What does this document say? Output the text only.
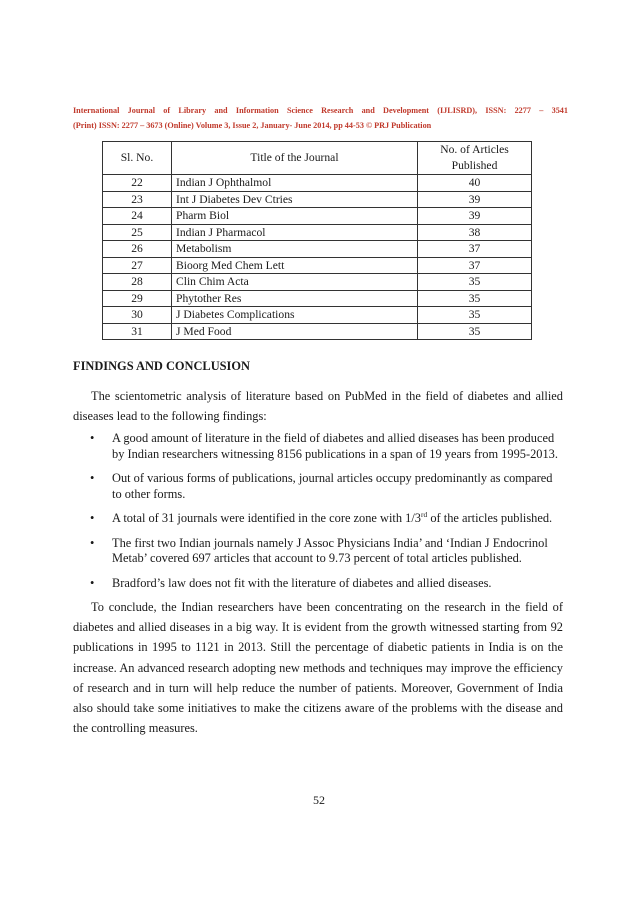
International Journal of Library and Information Science Research and Development (IJLISRD), ISSN: 2277 – 3541
(Print) ISSN: 2277 – 3673 (Online) Volume 3, Issue 2, January- June 2014, pp 44-53 © PRJ Publication
Sl. No.	Title of the Journal	No. of Articles Published
22	Indian J Ophthalmol	40
23	Int J Diabetes Dev Ctries	39
24	Pharm Biol	39
25	Indian J Pharmacol	38
26	Metabolism	37
27	Bioorg Med Chem Lett	37
28	Clin Chim Acta	35
29	Phytother Res	35
30	J Diabetes Complications	35
31	J Med Food	35
FINDINGS AND CONCLUSION
The scientometric analysis of literature based on PubMed in the field of diabetes and allied diseases lead to the following findings:
• A good amount of literature in the field of diabetes and allied diseases has been produced by Indian researchers witnessing 8156 publications in a span of 19 years from 1995-2013.
• Out of various forms of publications, journal articles occupy predominantly as compared to other forms.
• A total of 31 journals were identified in the core zone with 1/3rd of the articles published.
• The first two Indian journals namely J Assoc Physicians India’ and ‘Indian J Endocrinol Metab’ covered 697 articles that account to 9.73 percent of total articles published.
• Bradford’s law does not fit with the literature of diabetes and allied diseases.
To conclude, the Indian researchers have been concentrating on the research in the field of diabetes and allied diseases in a big way. It is evident from the growth witnessed starting from 92 publications in 1995 to 1121 in 2013. Still the percentage of diabetic patients in India is on the increase. An advanced research adopting new methods and techniques may improve the efficiency of research and in turn will help reduce the number of patients. Moreover, Government of India also should take some initiatives to make the citizens aware of the problems with the disease and the controlling measures.
52
